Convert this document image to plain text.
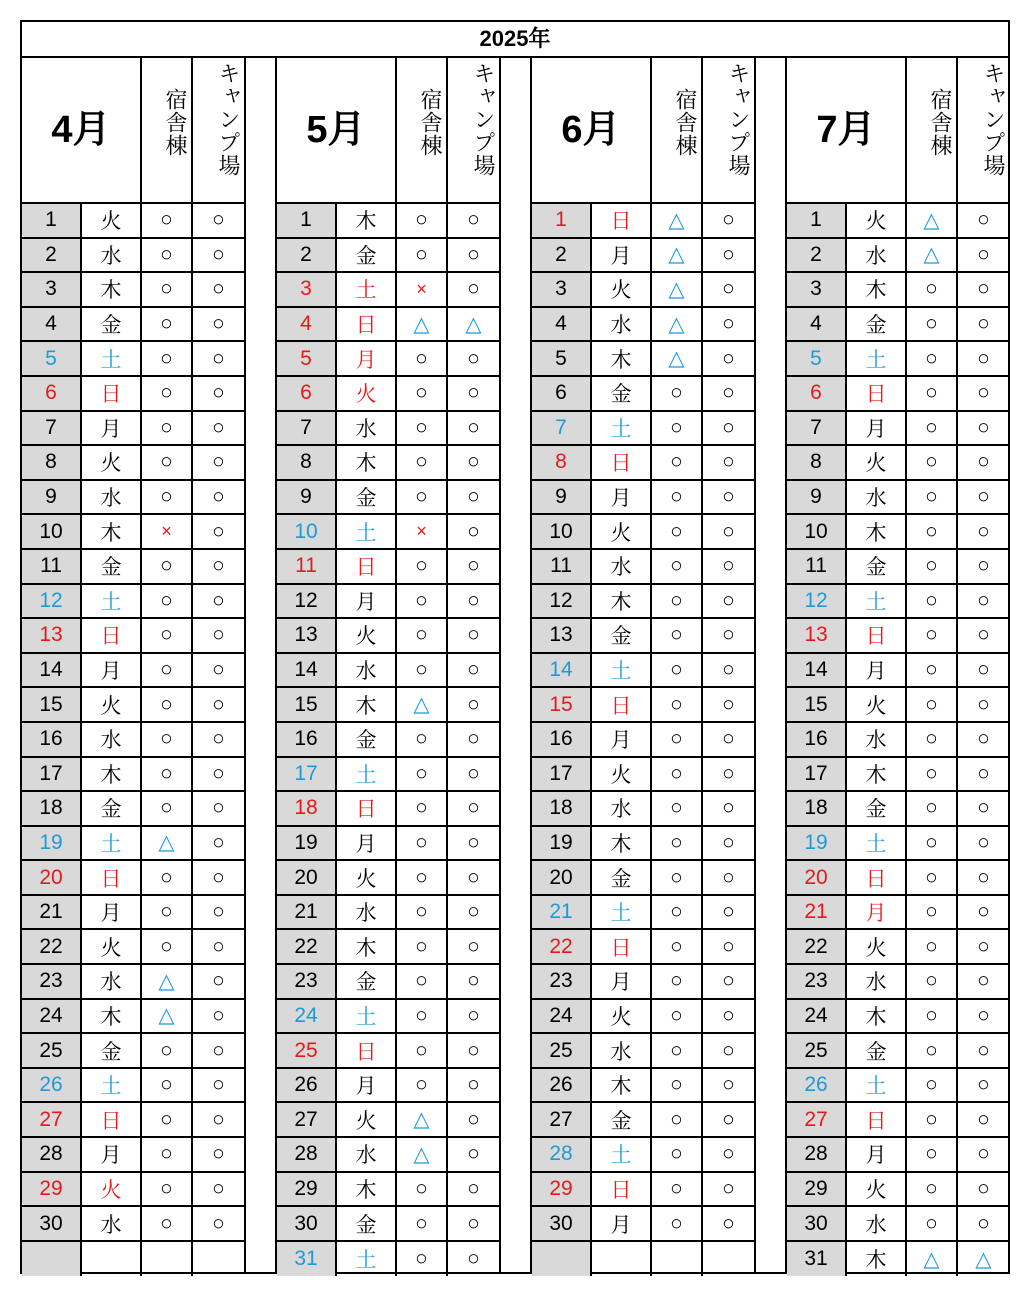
2025年
4月	宿舎棟	キャンプ場
1	火	○	○
2	水	○	○
3	木	○	○
4	金	○	○
5	土	○	○
6	日	○	○
7	月	○	○
8	火	○	○
9	水	○	○
10	木	×	○
11	金	○	○
12	土	○	○
13	日	○	○
14	月	○	○
15	火	○	○
16	水	○	○
17	木	○	○
18	金	○	○
19	土	△	○
20	日	○	○
21	月	○	○
22	火	○	○
23	水	△	○
24	木	△	○
25	金	○	○
26	土	○	○
27	日	○	○
28	月	○	○
29	火	○	○
30	水	○	○
5月	宿舎棟	キャンプ場
1	木	○	○
2	金	○	○
3	土	×	○
4	日	△	△
5	月	○	○
6	火	○	○
7	水	○	○
8	木	○	○
9	金	○	○
10	土	×	○
11	日	○	○
12	月	○	○
13	火	○	○
14	水	○	○
15	木	△	○
16	金	○	○
17	土	○	○
18	日	○	○
19	月	○	○
20	火	○	○
21	水	○	○
22	木	○	○
23	金	○	○
24	土	○	○
25	日	○	○
26	月	○	○
27	火	△	○
28	水	△	○
29	木	○	○
30	金	○	○
31	土	○	○
6月	宿舎棟	キャンプ場
1	日	△	○
2	月	△	○
3	火	△	○
4	水	△	○
5	木	△	○
6	金	○	○
7	土	○	○
8	日	○	○
9	月	○	○
10	火	○	○
11	水	○	○
12	木	○	○
13	金	○	○
14	土	○	○
15	日	○	○
16	月	○	○
17	火	○	○
18	水	○	○
19	木	○	○
20	金	○	○
21	土	○	○
22	日	○	○
23	月	○	○
24	火	○	○
25	水	○	○
26	木	○	○
27	金	○	○
28	土	○	○
29	日	○	○
30	月	○	○
7月	宿舎棟	キャンプ場
1	火	△	○
2	水	△	○
3	木	○	○
4	金	○	○
5	土	○	○
6	日	○	○
7	月	○	○
8	火	○	○
9	水	○	○
10	木	○	○
11	金	○	○
12	土	○	○
13	日	○	○
14	月	○	○
15	火	○	○
16	水	○	○
17	木	○	○
18	金	○	○
19	土	○	○
20	日	○	○
21	月	○	○
22	火	○	○
23	水	○	○
24	木	○	○
25	金	○	○
26	土	○	○
27	日	○	○
28	月	○	○
29	火	○	○
30	水	○	○
31	木	△	△
